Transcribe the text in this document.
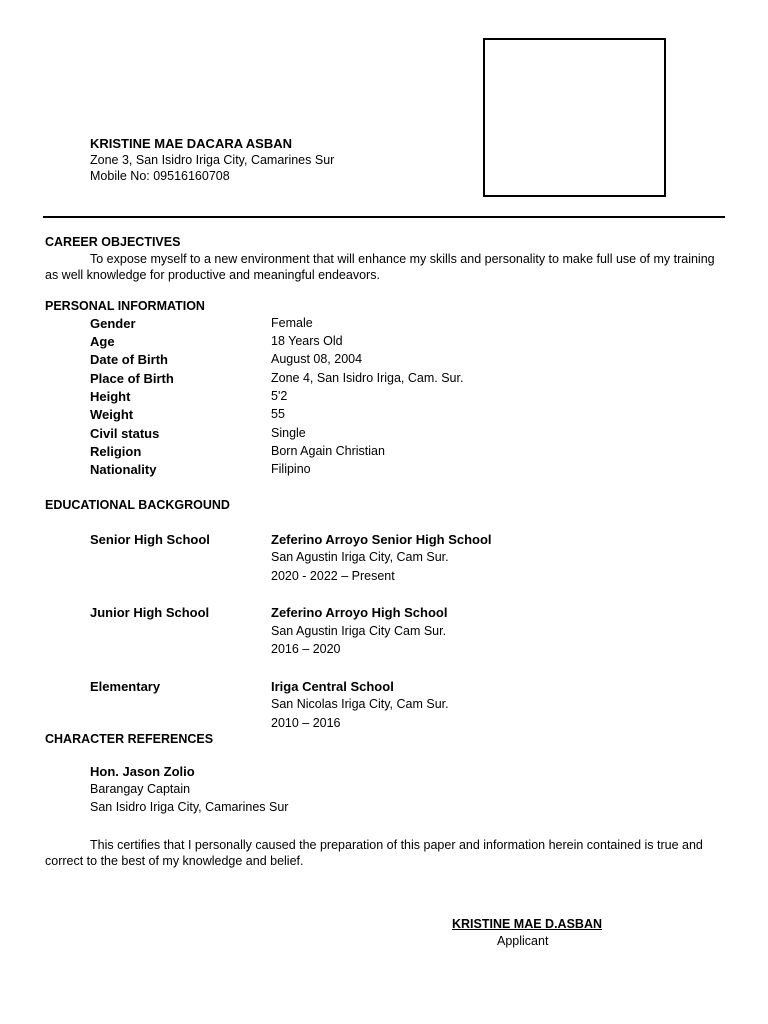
KRISTINE MAE DACARA ASBAN
Zone 3, San Isidro Iriga City, Camarines Sur
Mobile No: 09516160708
CAREER OBJECTIVES
To expose myself to a new environment that will enhance my skills and personality to make full use of my training as well knowledge for productive and meaningful endeavors.
PERSONAL INFORMATION
Gender	Female
Age	18 Years Old
Date of Birth	August 08, 2004
Place of Birth	Zone 4, San Isidro Iriga, Cam. Sur.
Height	5'2
Weight	55
Civil status	Single
Religion	Born Again Christian
Nationality	Filipino
EDUCATIONAL BACKGROUND
Senior High School	Zeferino Arroyo Senior High School
San Agustin Iriga City, Cam Sur.
2020 - 2022 – Present
Junior High School	Zeferino Arroyo High School
San Agustin Iriga City Cam Sur.
2016 – 2020
Elementary	Iriga Central School
San Nicolas Iriga City, Cam Sur.
2010 – 2016
CHARACTER REFERENCES
Hon. Jason Zolio
Barangay Captain
San Isidro Iriga City, Camarines Sur
This certifies that I personally caused the preparation of this paper and information herein contained is true and correct to the best of my knowledge and belief.
KRISTINE MAE D.ASBAN
Applicant
